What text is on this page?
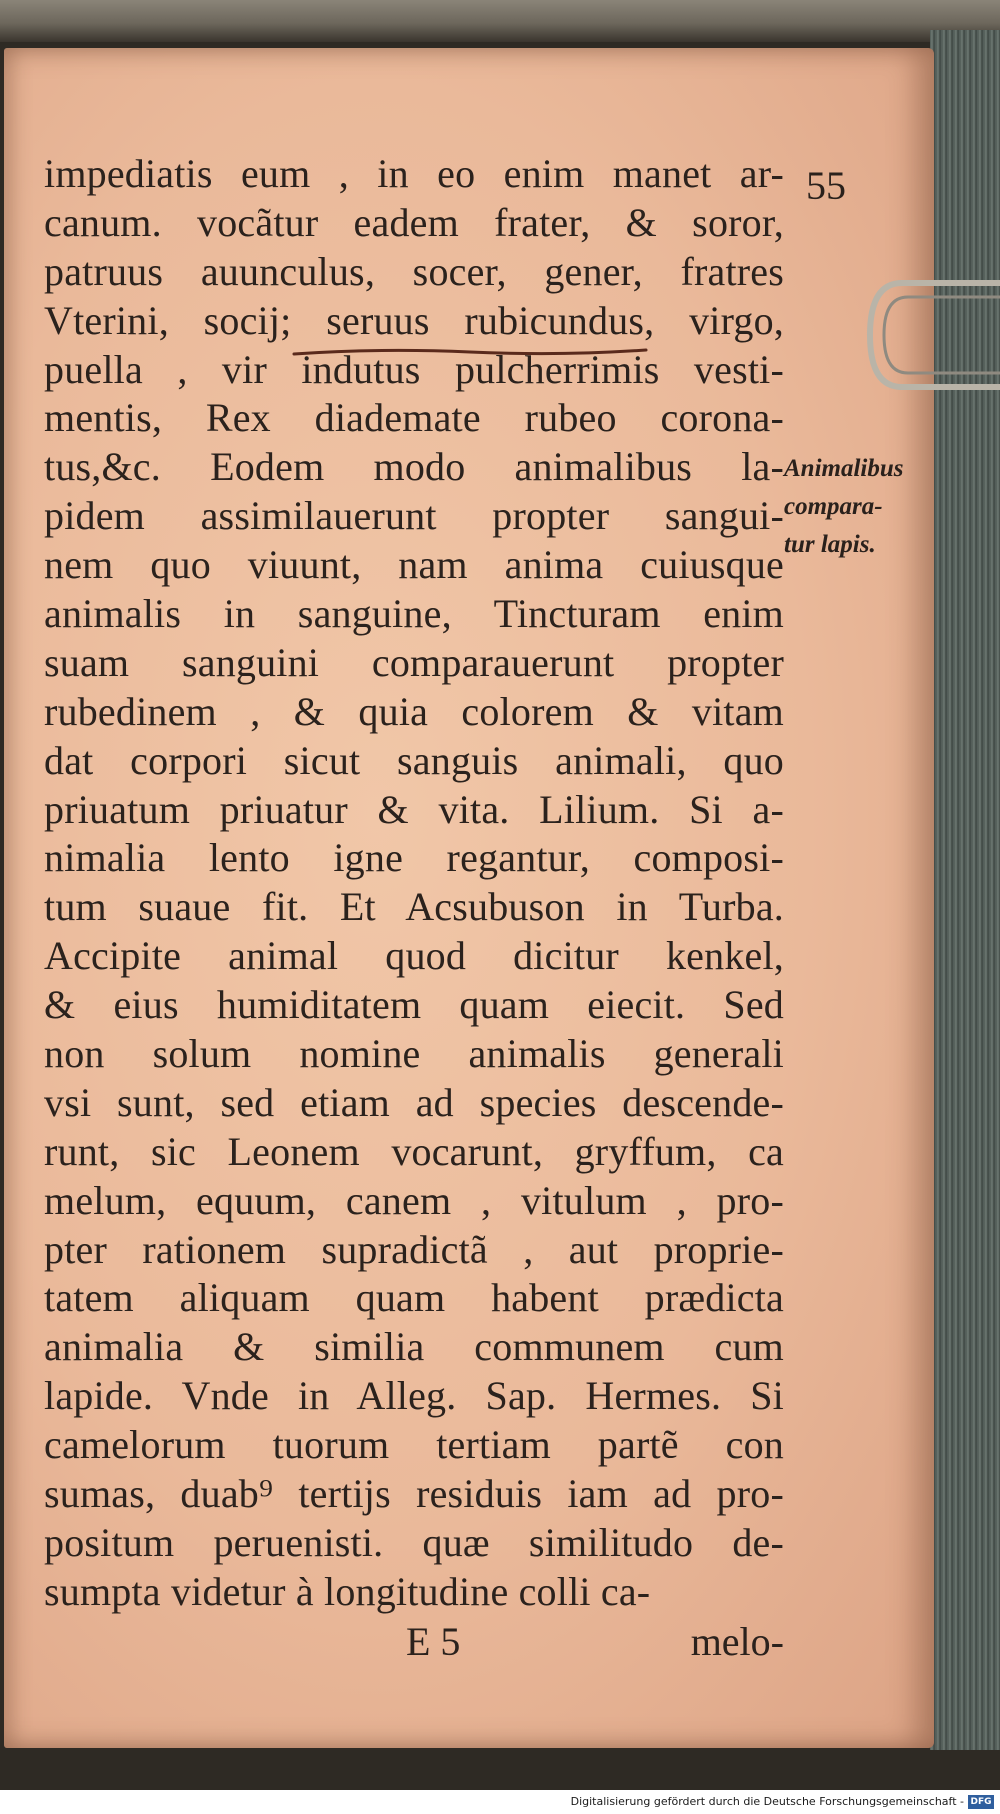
55

impediatis eum , in eo enim manet ar-
canum. vocãtur eadem frater, & soror,
patruus auunculus, socer, gener, fratres
Vterini, socij; seruus rubicundus, virgo,
puella , vir indutus pulcherrimis vesti-
mentis, Rex diademate rubeo corona-
tus,&c. Eodem modo animalibus la-
pidem assimilauerunt propter sangui-
nem quo viuunt, nam anima cuiusque
animalis in sanguine, Tincturam enim
suam sanguini comparauerunt propter
rubedinem , & quia colorem & vitam
dat corpori sicut sanguis animali, quo
priuatum priuatur & vita. Lilium. Si a-
nimalia lento igne regantur, composi-
tum suaue fit. Et Acsubuson in Turba.
Accipite animal quod dicitur kenkel,
& eius humiditatem quam eiecit. Sed
non solum nomine animalis generali
vsi sunt, sed etiam ad species descende-
runt, sic Leonem vocarunt, gryffum, ca
melum, equum, canem , vitulum , pro-
pter rationem supradictã , aut proprie-
tatem aliquam quam habent prædicta
animalia & similia communem cum
lapide. Vnde in Alleg. Sap. Hermes. Si
camelorum tuorum tertiam partẽ con
sumas, duab⁹ tertijs residuis iam ad pro-
positum peruenisti. quæ similitudo de-
sumpta videtur à longitudine colli ca-
Animalibus
compara-
tur lapis.
E 5	melo-
Digitalisierung gefördert durch die Deutsche Forschungsgemeinschaft - DFG
